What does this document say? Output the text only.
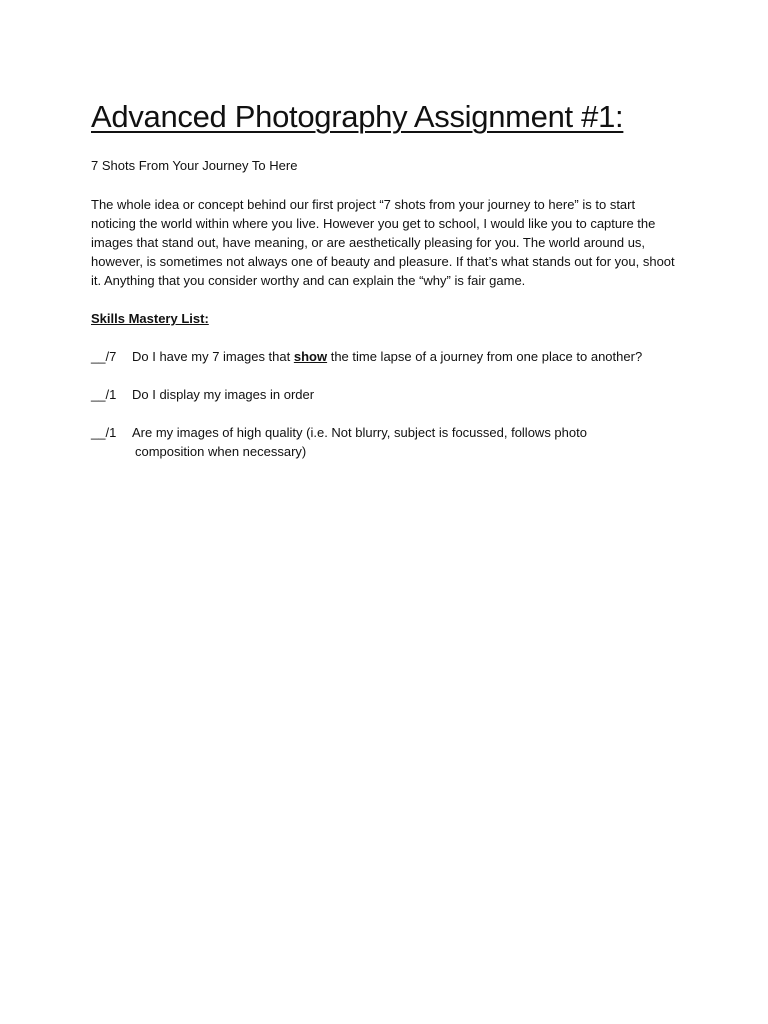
Advanced Photography Assignment #1:
7 Shots From Your Journey To Here
The whole idea or concept behind our first project “7 shots from your journey to here” is to start noticing the world within where you live. However you get to school, I would like you to capture the images that stand out, have meaning, or are aesthetically pleasing for you. The world around us, however, is sometimes not always one of beauty and pleasure. If that’s what stands out for you, shoot it. Anything that you consider worthy and can explain the “why” is fair game.
Skills Mastery List:
__/7	Do I have my 7 images that show the time lapse of a journey from one place to another?
__/1	Do I display my images in order
__/1	Are my images of high quality (i.e. Not blurry, subject is focussed, follows photo
composition when necessary)
